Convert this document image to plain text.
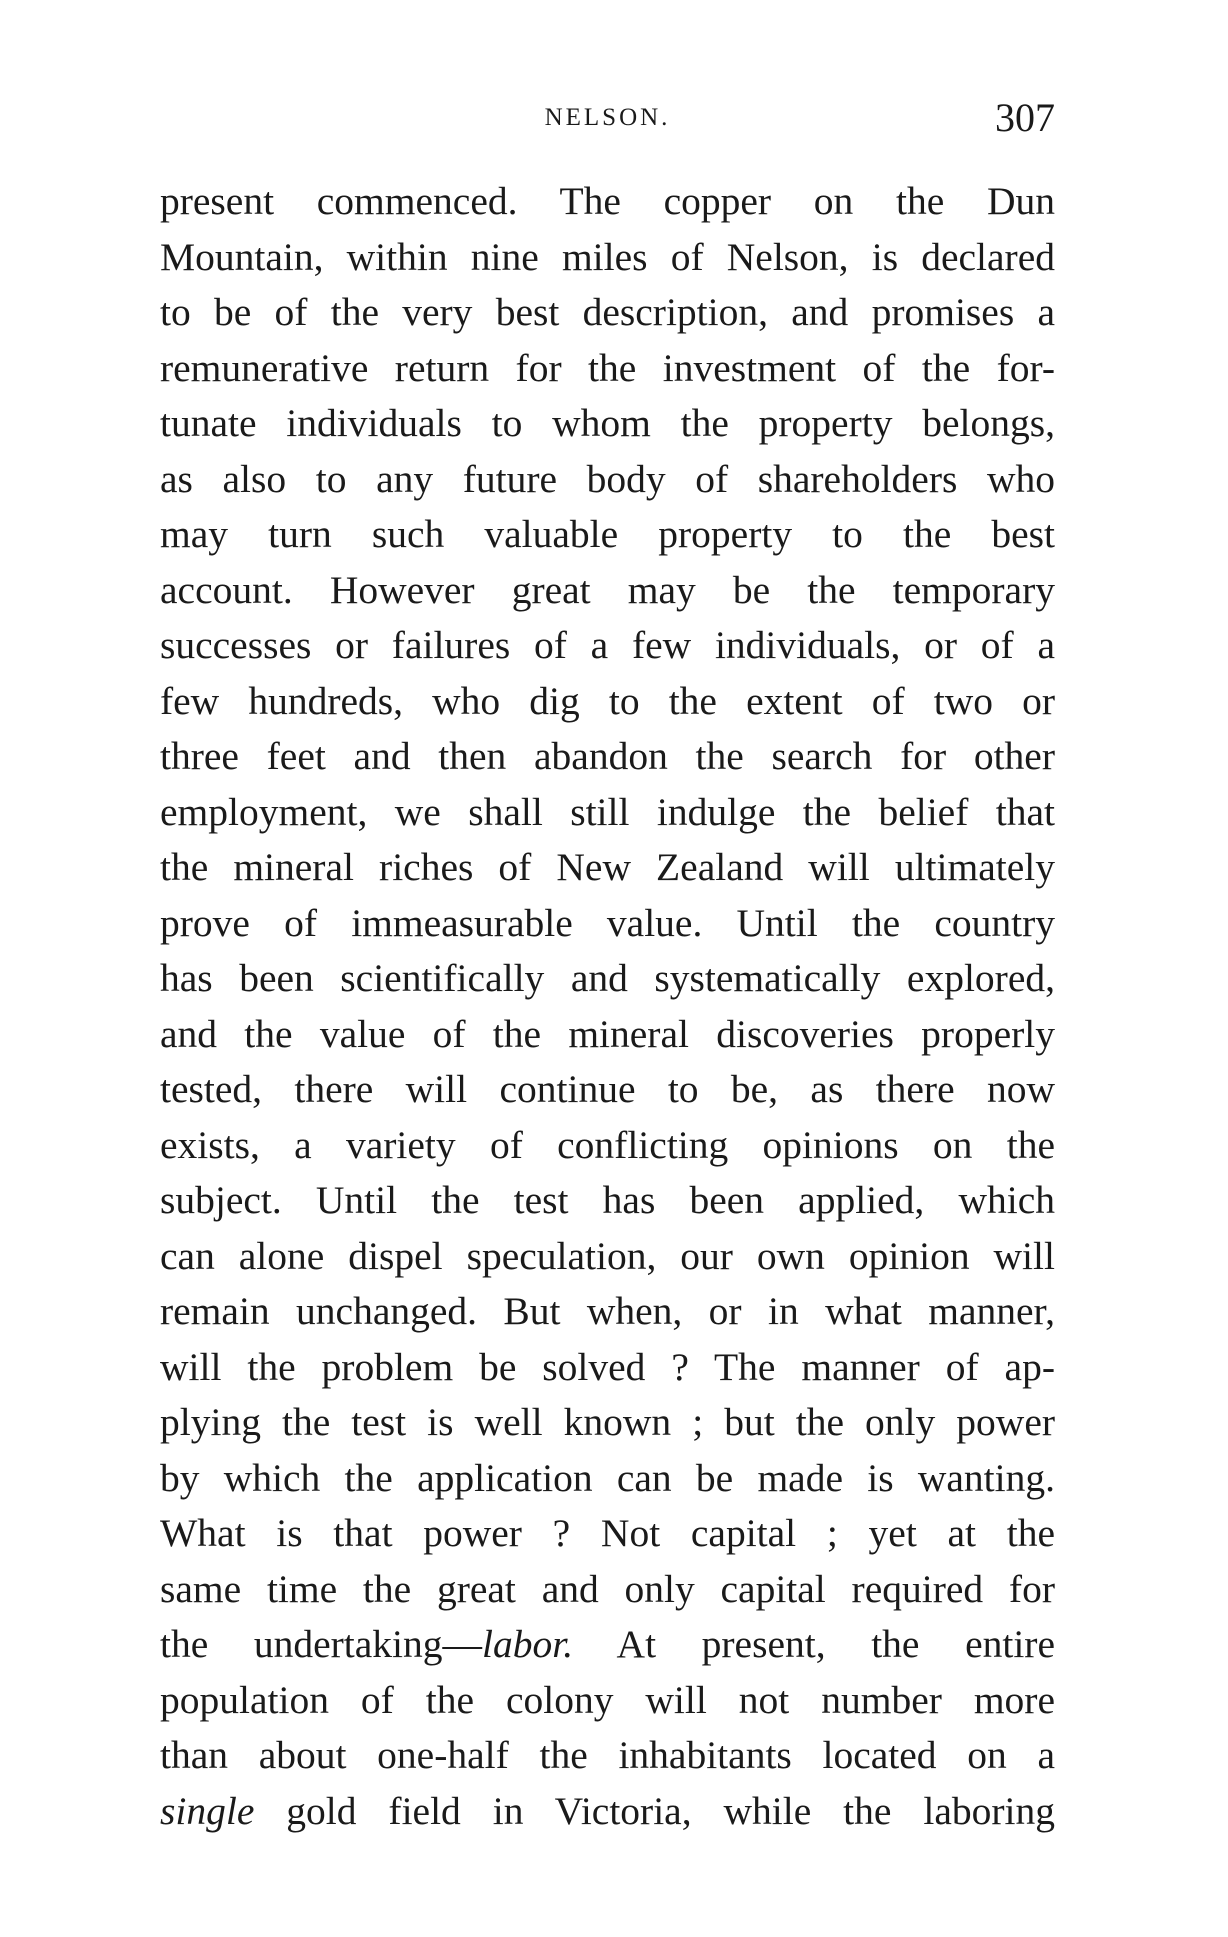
NELSON.	307
present commenced. The copper on the Dun
Mountain, within nine miles of Nelson, is declared
to be of the very best description, and promises a
remunerative return for the investment of the for-
tunate individuals to whom the property belongs,
as also to any future body of shareholders who
may turn such valuable property to the best
account. However great may be the temporary
successes or failures of a few individuals, or of a
few hundreds, who dig to the extent of two or
three feet and then abandon the search for other
employment, we shall still indulge the belief that
the mineral riches of New Zealand will ultimately
prove of immeasurable value. Until the country
has been scientifically and systematically explored,
and the value of the mineral discoveries properly
tested, there will continue to be, as there now
exists, a variety of conflicting opinions on the
subject. Until the test has been applied, which
can alone dispel speculation, our own opinion will
remain unchanged. But when, or in what manner,
will the problem be solved ? The manner of ap-
plying the test is well known ; but the only power
by which the application can be made is wanting.
What is that power ? Not capital ; yet at the
same time the great and only capital required for
the undertaking—labor. At present, the entire
population of the colony will not number more
than about one-half the inhabitants located on a
single gold field in Victoria, while the laboring
